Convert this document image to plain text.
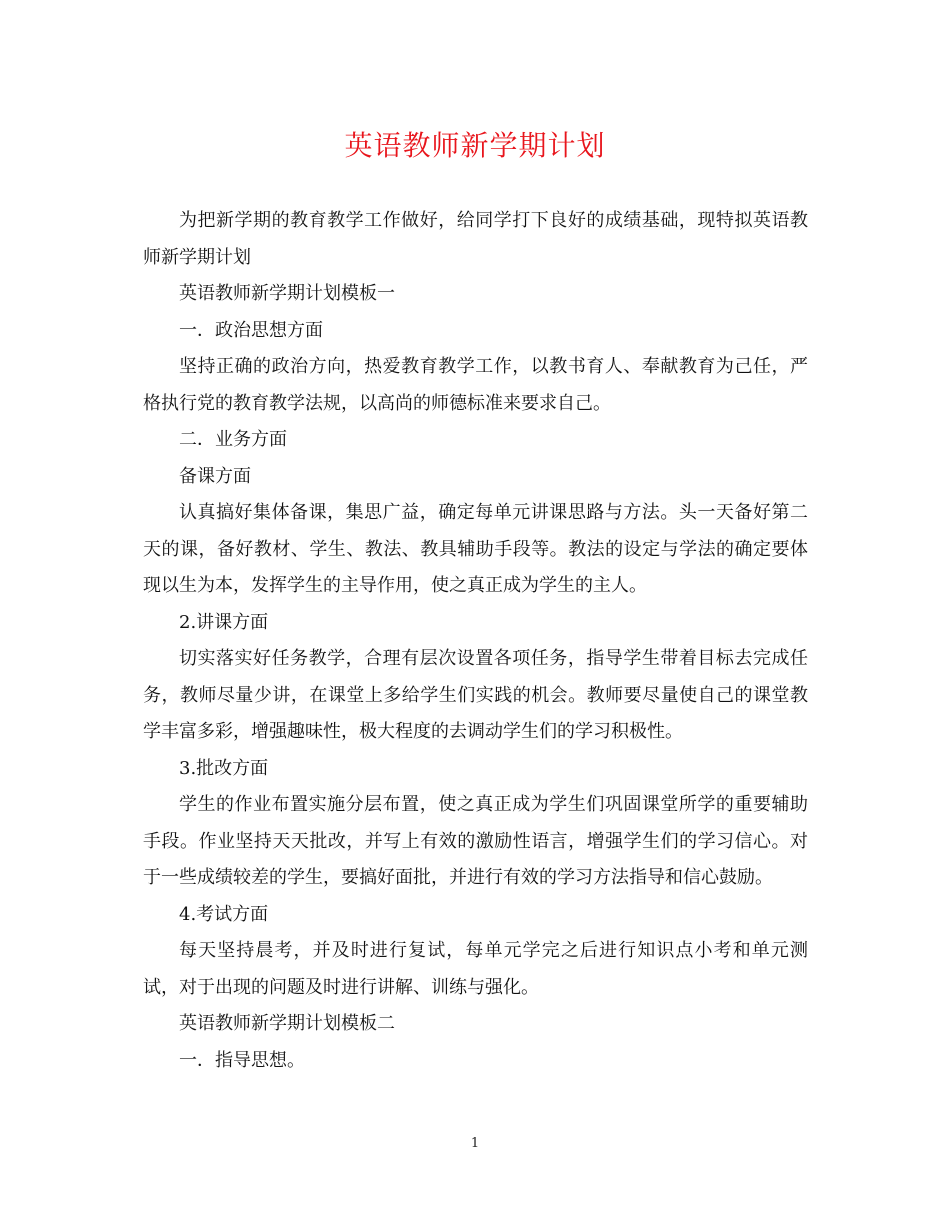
英语教师新学期计划

为把新学期的教育教学工作做好，给同学打下良好的成绩基础，现特拟英语教师新学期计划

英语教师新学期计划模板一

一．政治思想方面

坚持正确的政治方向，热爱教育教学工作，以教书育人、奉献教育为己任，严格执行党的教育教学法规，以高尚的师德标准来要求自己。

二．业务方面

备课方面

认真搞好集体备课，集思广益，确定每单元讲课思路与方法。头一天备好第二天的课，备好教材、学生、教法、教具辅助手段等。教法的设定与学法的确定要体现以生为本，发挥学生的主导作用，使之真正成为学生的主人。

2.讲课方面

切实落实好任务教学，合理有层次设置各项任务，指导学生带着目标去完成任务，教师尽量少讲，在课堂上多给学生们实践的机会。教师要尽量使自己的课堂教学丰富多彩，增强趣味性，极大程度的去调动学生们的学习积极性。

3.批改方面

学生的作业布置实施分层布置，使之真正成为学生们巩固课堂所学的重要辅助手段。作业坚持天天批改，并写上有效的激励性语言，增强学生们的学习信心。对于一些成绩较差的学生，要搞好面批，并进行有效的学习方法指导和信心鼓励。

4.考试方面

每天坚持晨考，并及时进行复试，每单元学完之后进行知识点小考和单元测试，对于出现的问题及时进行讲解、训练与强化。

英语教师新学期计划模板二

一．指导思想。

1
